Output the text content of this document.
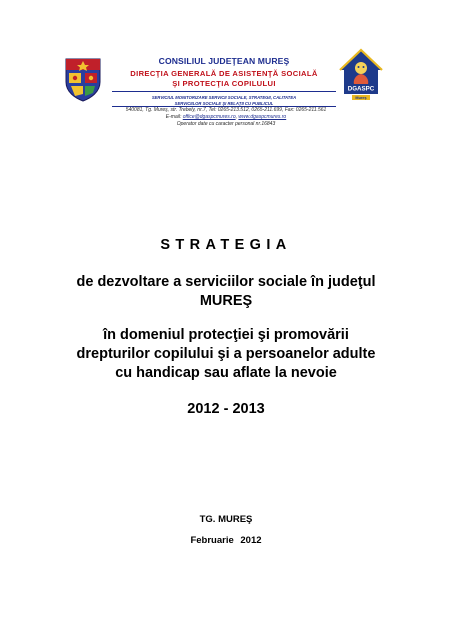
CONSILIUL JUDEŢEAN MUREŞ
DIRECŢIA GENERALĂ DE ASISTENŢĂ SOCIALĂ
ŞI PROTECŢIA COPILULUI
SERVICIUL MONITORIZARE SERVICII SOCIALE, STRATEGII, CALITATEA
SERVICIILOR SOCIALE ŞI RELAŢII CU PUBLICUL
DGASPC
Mureş
540081, Tg. Mureş, str. Trebely, nr.7, Tel: 0265-213.512, 0265-211.699, Fax: 0265-211.561
E-mail: office@dgaspcmures.ro, www.dgaspcmures.ro
Operator date cu caracter personal nr.16843
STRATEGIA
de dezvoltare a serviciilor sociale în judeţul
MUREŞ
în domeniul protecţiei şi promovării
drepturilor copilului şi a persoanelor adulte
cu handicap sau aflate la nevoie
2012 - 2013
TG. MUREŞ
Februarie 2012
